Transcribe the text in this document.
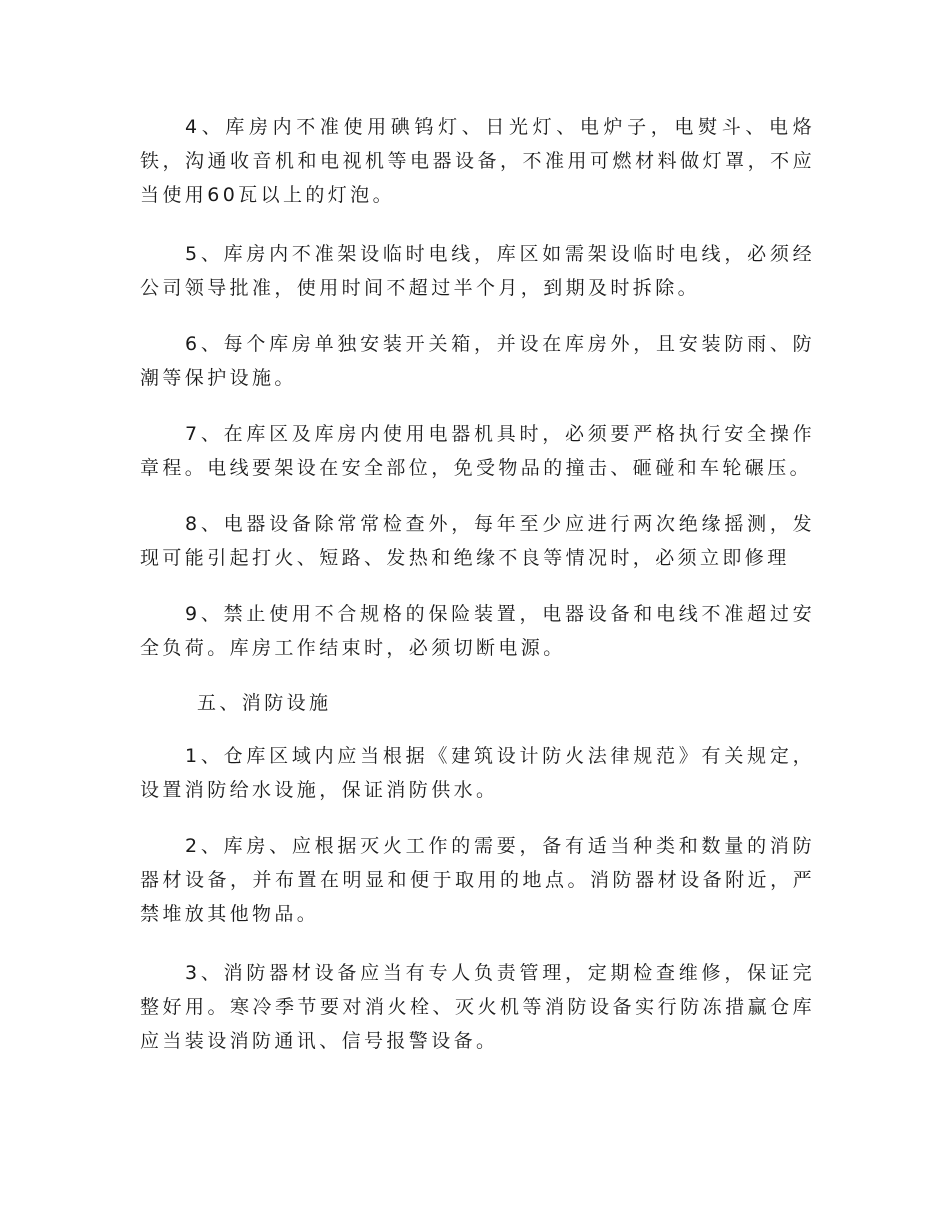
4、库房内不准使用碘钨灯、日光灯、电炉子，电熨斗、电烙铁，沟通收音机和电视机等电器设备，不准用可燃材料做灯罩，不应当使用60瓦以上的灯泡。

5、库房内不准架设临时电线，库区如需架设临时电线，必须经公司领导批准，使用时间不超过半个月，到期及时拆除。

6、每个库房单独安装开关箱，并设在库房外，且安装防雨、防潮等保护设施。

7、在库区及库房内使用电器机具时，必须要严格执行安全操作章程。电线要架设在安全部位，免受物品的撞击、砸碰和车轮碾压。

8、电器设备除常常检查外，每年至少应进行两次绝缘摇测，发现可能引起打火、短路、发热和绝缘不良等情况时，必须立即修理

9、禁止使用不合规格的保险装置，电器设备和电线不准超过安全负荷。库房工作结束时，必须切断电源。

五、消防设施

1、仓库区域内应当根据《建筑设计防火法律规范》有关规定，设置消防给水设施，保证消防供水。

2、库房、应根据灭火工作的需要，备有适当种类和数量的消防器材设备，并布置在明显和便于取用的地点。消防器材设备附近，严禁堆放其他物品。

3、消防器材设备应当有专人负责管理，定期检查维修，保证完整好用。寒冷季节要对消火栓、灭火机等消防设备实行防冻措赢仓库应当装设消防通讯、信号报警设备。
